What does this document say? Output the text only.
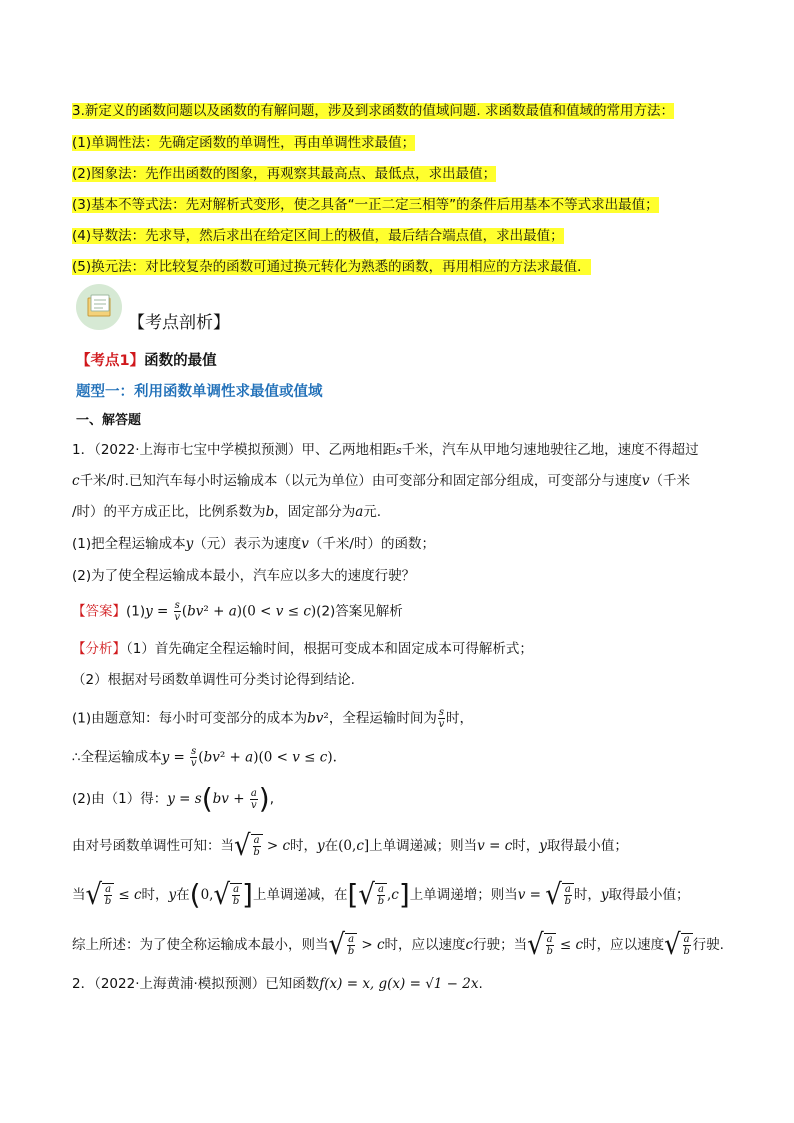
3.新定义的函数问题以及函数的有解问题，涉及到求函数的值域问题. 求函数最值和值域的常用方法：
(1)单调性法：先确定函数的单调性，再由单调性求最值；
(2)图象法：先作出函数的图象，再观察其最高点、最低点，求出最值；
(3)基本不等式法：先对解析式变形，使之具备“一正二定三相等”的条件后用基本不等式求出最值；
(4)导数法：先求导，然后求出在给定区间上的极值，最后结合端点值，求出最值；
(5)换元法：对比较复杂的函数可通过换元转化为熟悉的函数，再用相应的方法求最值．
【考点剖析】
【考点1】函数的最值
题型一：利用函数单调性求最值或值域
一、解答题
1．（2022·上海市七宝中学模拟预测）甲、乙两地相距s千米，汽车从甲地匀速地驶往乙地，速度不得超过
c千米/时.已知汽车每小时运输成本（以元为单位）由可变部分和固定部分组成，可变部分与速度v（千米
/时）的平方成正比，比例系数为b，固定部分为a元.
(1)把全程运输成本y（元）表示为速度v（千米/时）的函数；
(2)为了使全程运输成本最小，汽车应以多大的速度行驶？
【答案】$(1)y = \frac{s}{v} (bv^2 + a)(0 < v \le c)(2)$答案见解析
【分析】（1）首先确定全程运输时间，根据可变成本和固定成本可得解析式；
（2）根据对号函数单调性可分类讨论得到结论.
(1)由题意知：每小时可变部分的成本为bv²，全程运输时间为 $\frac{s}{v}$ 时，
∴全程运输成本$y = \frac{s}{v} (bv^2 + a)(0 < v \le c)$.
(2)由（1）得：$y = s(bv + \frac{a}{v}$ ),
由对号函数单调性可知：当 √ $\frac{a}{b} > c$时，y在(0,c]上单调递减；则当v = c时，y取得最小值；
当 √ $\frac{a}{b} \le c$时，y在(0, √ $\frac{a}{b}$ ]上单调递减，在[ √ $\frac{a}{b} ,c$]上单调递增；则当v = √ $\frac{a}{b}$ 时，y取得最小值；
综上所述：为了使全称运输成本最小，则当 √ $\frac{a}{b} > c$时，应以速度c行驶；当 √ $\frac{a}{b} \le c$时，应以速度 √ $\frac{a}{b}$ 行驶.
2．（2022·上海黄浦·模拟预测）已知函数f(x) = x, g(x) = √1 − 2x.
